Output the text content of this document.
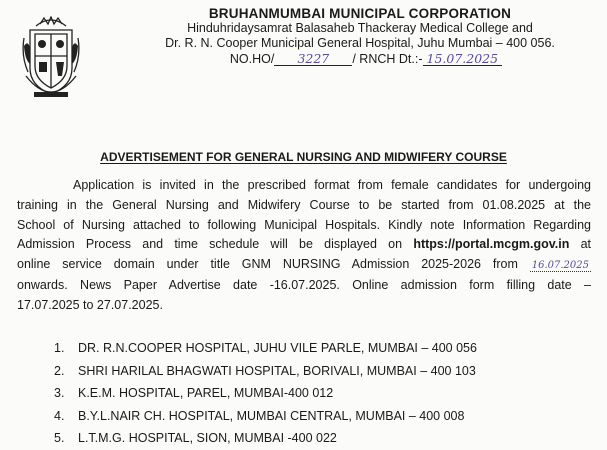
BRUHANMUMBAI MUNICIPAL CORPORATION
Hinduhridaysamrat Balasaheb Thackeray Medical College and
Dr. R. N. Cooper Municipal General Hospital, Juhu Mumbai – 400 056.
NO.HO/ 3227 / RNCH Dt.:- 15.07.2025
ADVERTISEMENT FOR GENERAL NURSING AND MIDWIFERY COURSE
Application is invited in the prescribed format from female candidates for undergoing
training in the General Nursing and Midwifery Course to be started from 01.08.2025 at the
School of Nursing attached to following Municipal Hospitals. Kindly note Information Regarding
Admission Process and time schedule will be displayed on https://portal.mcgm.gov.in at
online service domain under title GNM NURSING Admission 2025-2026 from 16.07.2025
onwards. News Paper Advertise date -16.07.2025. Online admission form filling date –
17.07.2025 to 27.07.2025.
1.	DR. R.N.COOPER HOSPITAL, JUHU VILE PARLE, MUMBAI – 400 056
2.	SHRI HARILAL BHAGWATI HOSPITAL, BORIVALI, MUMBAI – 400 103
3.	K.E.M. HOSPITAL, PAREL, MUMBAI-400 012
4.	B.Y.L.NAIR CH. HOSPITAL, MUMBAI CENTRAL, MUMBAI – 400 008
5.	L.T.M.G. HOSPITAL, SION, MUMBAI -400 022
